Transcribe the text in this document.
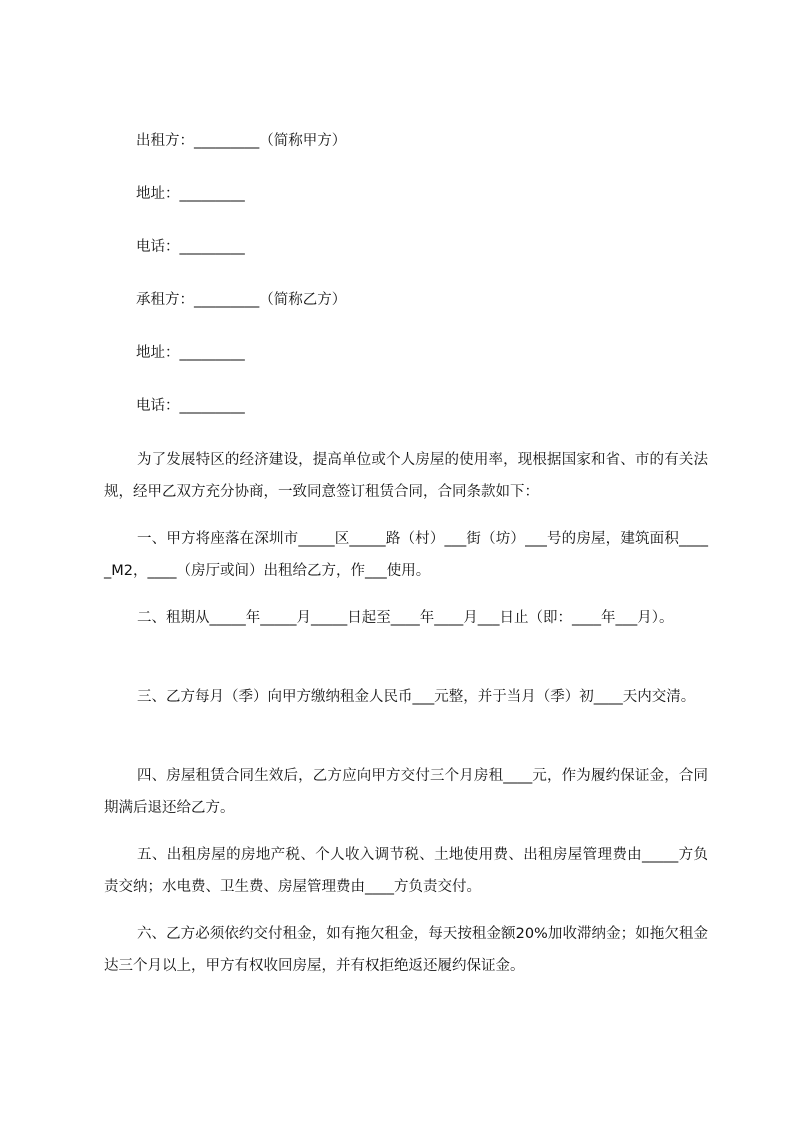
出租方：_________（简称甲方）
地址：_________
电话：_________
承租方：_________（简称乙方）
地址：_________
电话：_________
为了发展特区的经济建设，提高单位或个人房屋的使用率，现根据国家和省、市的有关法规，经甲乙双方充分协商，一致同意签订租赁合同，合同条款如下：
一、甲方将座落在深圳市_____区_____路（村）___街（坊）___号的房屋，建筑面积_____M2，____（房厅或间）出租给乙方，作___使用。
二、租期从_____年_____月_____日起至____年____月___日止（即：____年___月）。
三、乙方每月（季）向甲方缴纳租金人民币___元整，并于当月（季）初____天内交清。
四、房屋租赁合同生效后，乙方应向甲方交付三个月房租____元，作为履约保证金，合同期满后退还给乙方。
五、出租房屋的房地产税、个人收入调节税、土地使用费、出租房屋管理费由_____方负责交纳；水电费、卫生费、房屋管理费由____方负责交付。
六、乙方必须依约交付租金，如有拖欠租金，每天按租金额20%加收滞纳金；如拖欠租金达三个月以上，甲方有权收回房屋，并有权拒绝返还履约保证金。
